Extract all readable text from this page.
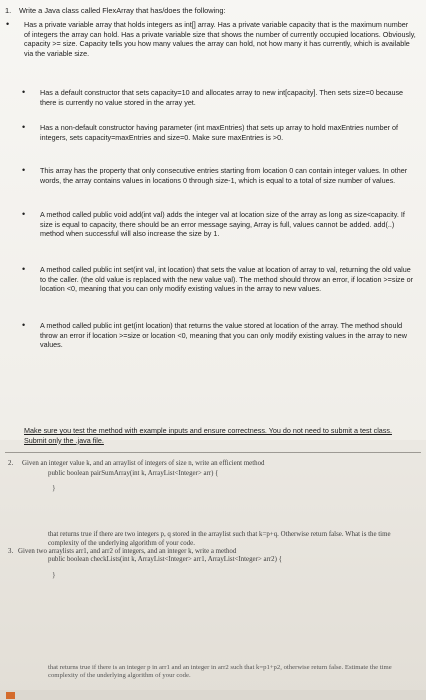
1. Write a Java class called FlexArray that has/does the following:
• Has a private variable array that holds integers as int[] array. Has a private variable capacity that is the maximum number of integers the array can hold. Has a private variable size that shows the number of currently occupied locations. Obviously, capacity >= size. Capacity tells you how many values the array can hold, not how many it has currently, which is available via the variable size.
• Has a default constructor that sets capacity=10 and allocates array to new int[capacity]. Then sets size=0 because there is currently no value stored in the array yet.
• Has a non-default constructor having parameter (int maxEntries) that sets up array to hold maxEntries number of integers, sets capacity=maxEntries and size=0. Make sure maxEntries is >0.
• This array has the property that only consecutive entries starting from location 0 can contain integer values. In other words, the array contains values in locations 0 through size-1, which is equal to a total of size number of values.
• A method called public void add(int val) adds the integer val at location size of the array as long as size<capacity. If size is equal to capacity, there should be an error message saying, Array is full, values cannot be added. add(..) method when successful will also increase the size by 1.
• A method called public int set(int val, int location) that sets the value at location of array to val, returning the old value to the caller. (the old value is replaced with the new value val). The method should throw an error, if location >=size or location <0, meaning that you can only modify existing values in the array to new values.
• A method called public int get(int location) that returns the value stored at location of the array. The method should throw an error if location >=size or location <0, meaning that you can only modify existing values in the array to new values.
Make sure you test the method with example inputs and ensure correctness. You do not need to submit a test class. Submit only the .java file.
2. Given an integer value k, and an arraylist of integers of size n, write an efficient method
public boolean pairSumArray(int k, ArrayList<Integer> arr) {
}
that returns true if there are two integers p, q stored in the arraylist such that k=p+q. Otherwise return false. What is the time complexity of the underlying algorithm of your code.
3. Given two arraylists arr1, and arr2 of integers, and an integer k, write a method
public boolean checkLists(int k, ArrayList<Integer> arr1, ArrayList<Integer> arr2) {
}
that returns true if there is an integer p in arr1 and an integer in arr2 such that k=p1+p2, otherwise return false. Estimate the time complexity of the underlying algorithm of your code.
